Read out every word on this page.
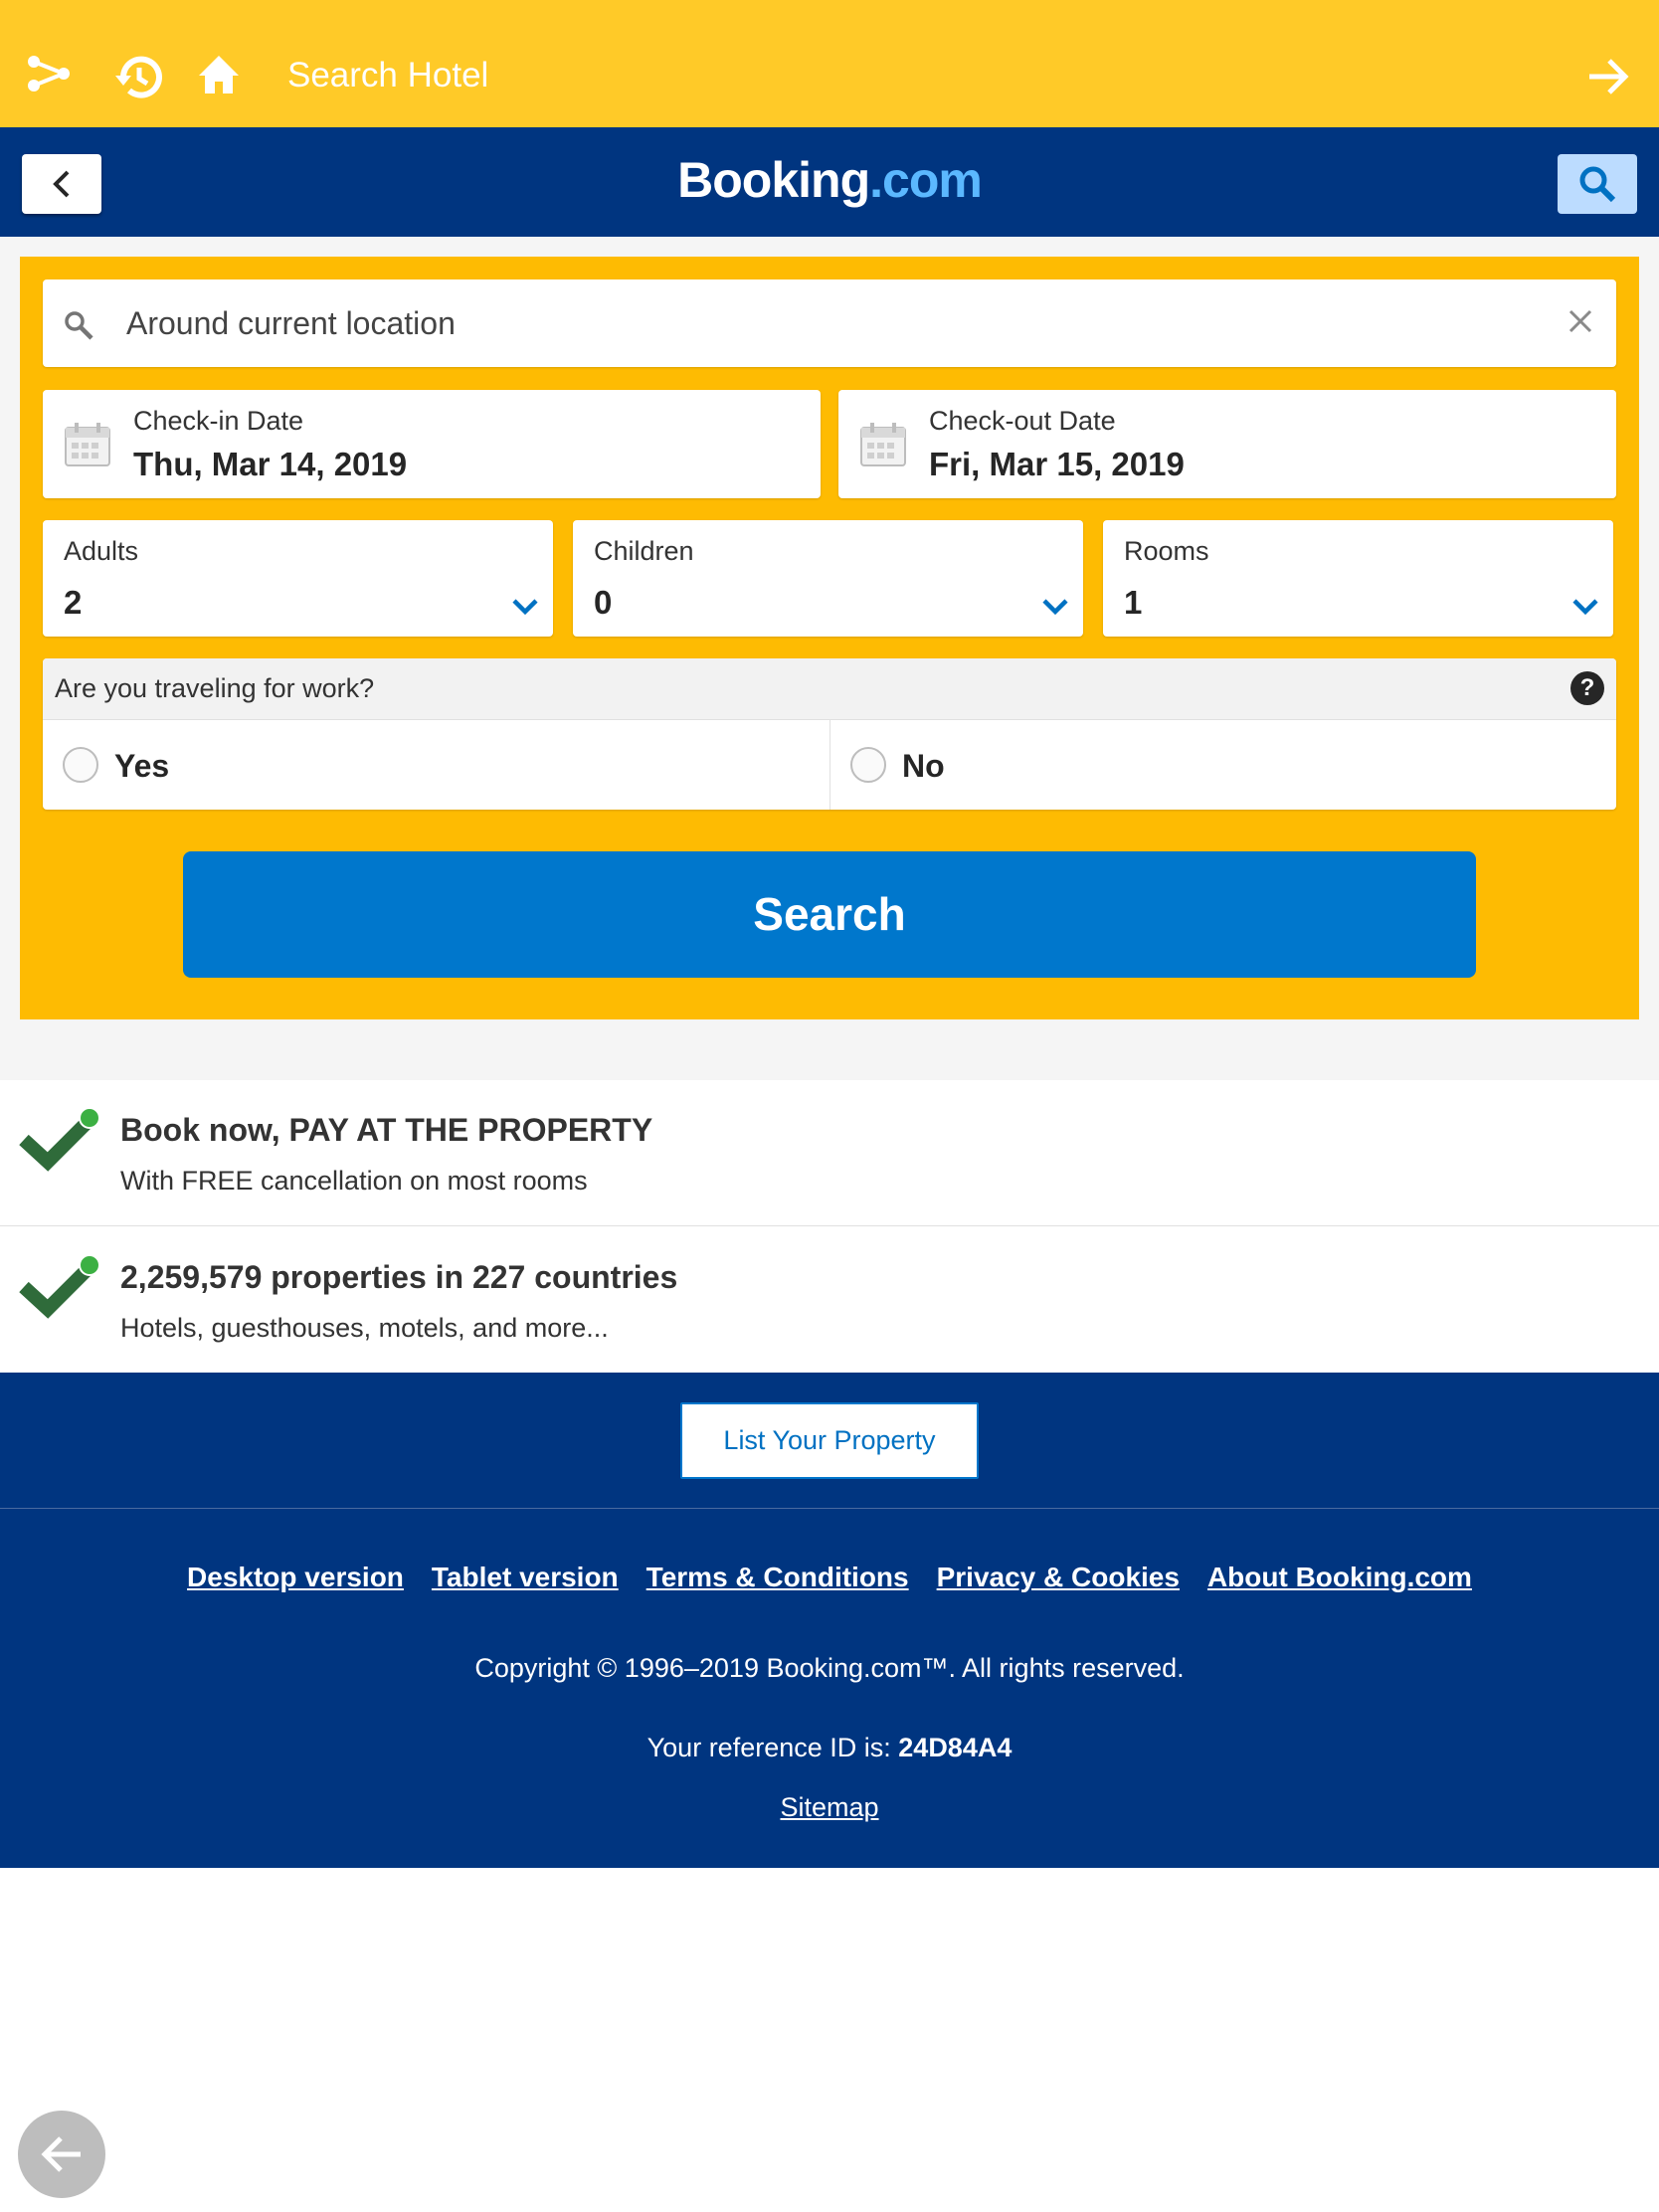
Search Hotel
Booking.com
Around current location
Check-in Date
Thu, Mar 14, 2019
Check-out Date
Fri, Mar 15, 2019
Adults
2
Children
0
Rooms
1
Are you traveling for work?	?
Yes	No
Search
Book now, PAY AT THE PROPERTY
With FREE cancellation on most rooms
2,259,579 properties in 227 countries
Hotels, guesthouses, motels, and more...
List Your Property
Desktop version Tablet version Terms & Conditions Privacy & Cookies About Booking.com
Copyright © 1996–2019 Booking.com™. All rights reserved.
Your reference ID is: 24D84A4
Sitemap
